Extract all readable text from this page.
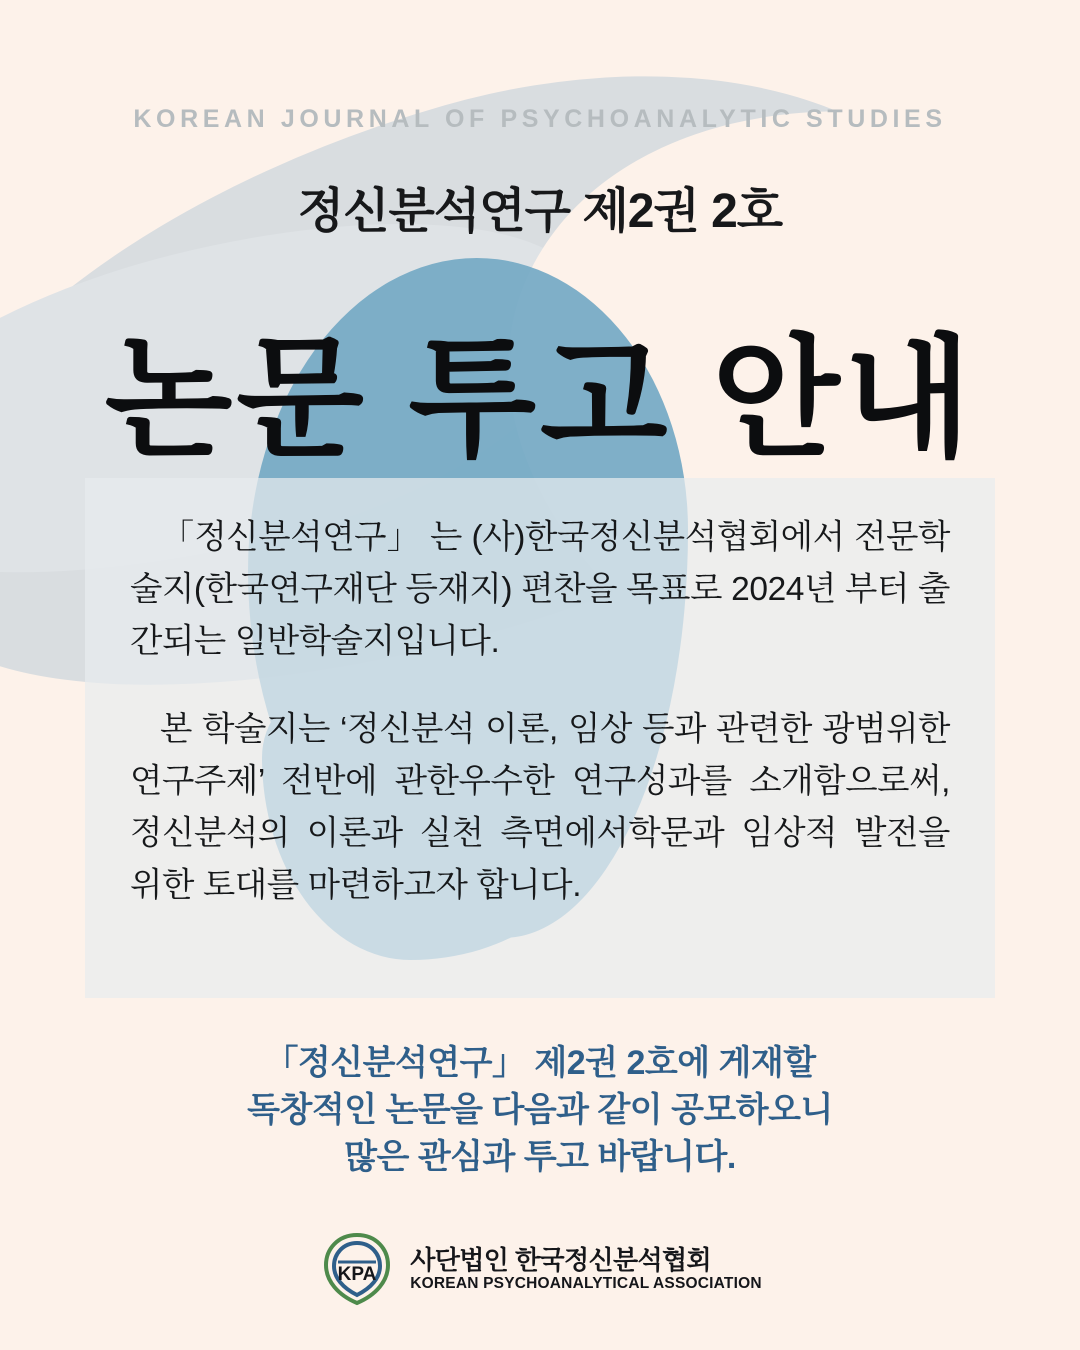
KOREAN JOURNAL OF PSYCHOANALYTIC STUDIES
정신분석연구 제2권 2호
논문 투고 안내

「정신분석연구」 는 (사)한국정신분석협회에서 전문학술지(한국연구재단 등재지) 편찬을 목표로 2024년 부터 출간되는 일반학술지입니다.

본 학술지는 ‘정신분석 이론, 임상 등과 관련한 광범위한 연구주제’ 전반에 관한우수한 연구성과를 소개함으로써, 정신분석의 이론과 실천 측면에서학문과 임상적 발전을 위한 토대를 마련하고자 합니다.

「정신분석연구」 제2권 2호에 게재할
독창적인 논문을 다음과 같이 공모하오니
많은 관심과 투고 바랍니다.
KPA 사단법인 한국정신분석협회
KOREAN PSYCHOANALYTICAL ASSOCIATION
